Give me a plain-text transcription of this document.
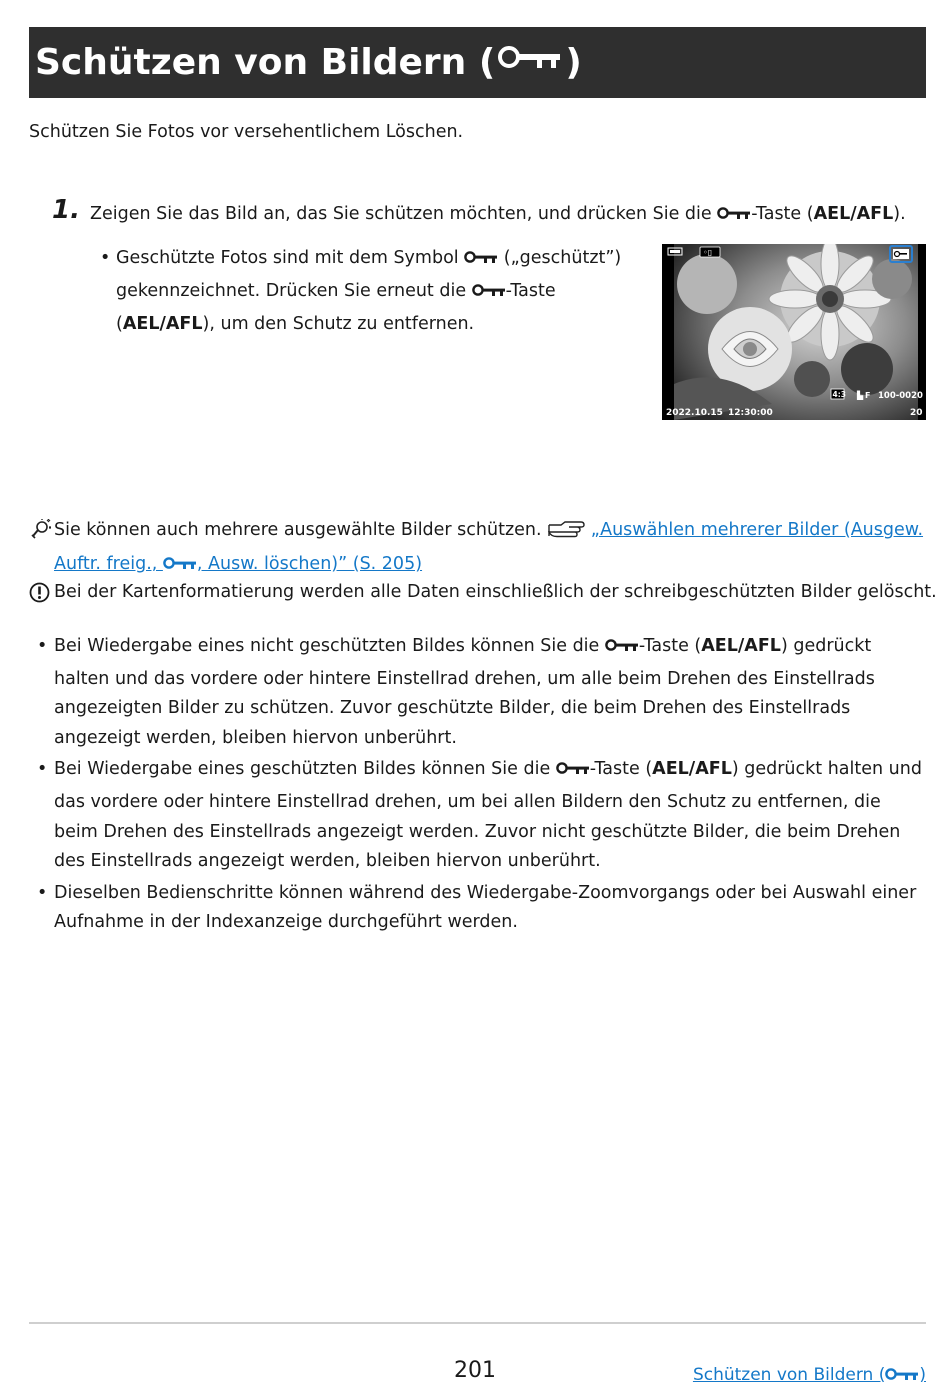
Schützen von Bildern ( )
Schützen Sie Fotos vor versehentlichem Löschen.
1. Zeigen Sie das Bild an, das Sie schützen möchten, und drücken Sie die -Taste (AEL/AFL).
• Geschützte Fotos sind mit dem Symbol  („geschützt”) gekennzeichnet. Drücken Sie erneut die -Taste (AEL/AFL), um den Schutz zu entfernen.
◦▯
4:3 ▙ F 100-0020
2022.10.15 12:30:00	20
Sie können auch mehrere ausgewählte Bilder schützen.  „Auswählen mehrerer Bilder (Ausgew. Auftr. freig., , Ausw. löschen)” (S. 205)
Bei der Kartenformatierung werden alle Daten einschließlich der schreibgeschützten Bilder gelöscht.
• Bei Wiedergabe eines nicht geschützten Bildes können Sie die -Taste (AEL/AFL) gedrückt halten und das vordere oder hintere Einstellrad drehen, um alle beim Drehen des Einstellrads angezeigten Bilder zu schützen. Zuvor geschützte Bilder, die beim Drehen des Einstellrads angezeigt werden, bleiben hiervon unberührt.
• Bei Wiedergabe eines geschützten Bildes können Sie die -Taste (AEL/AFL) gedrückt halten und das vordere oder hintere Einstellrad drehen, um bei allen Bildern den Schutz zu entfernen, die beim Drehen des Einstellrads angezeigt werden. Zuvor nicht geschützte Bilder, die beim Drehen des Einstellrads angezeigt werden, bleiben hiervon unberührt.
• Dieselben Bedienschritte können während des Wiedergabe-Zoomvorgangs oder bei Auswahl einer Aufnahme in der Indexanzeige durchgeführt werden.
201	Schützen von Bildern ( )
